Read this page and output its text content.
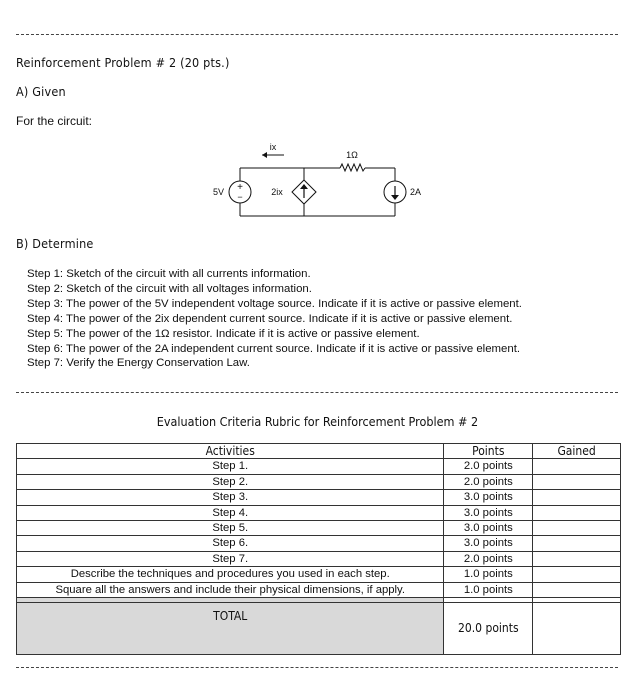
Reinforcement Problem # 2 (20 pts.)
A) Given
For the circuit:
+
−
ix
1Ω
5V	2ix	2A
B) Determine
Step 1: Sketch of the circuit with all currents information.
Step 2: Sketch of the circuit with all voltages information.
Step 3: The power of the 5V independent voltage source. Indicate if it is active or passive element.
Step 4: The power of the 2ix dependent current source. Indicate if it is active or passive element.
Step 5: The power of the 1Ω resistor. Indicate if it is active or passive element.
Step 6: The power of the 2A independent current source. Indicate if it is active or passive element.
Step 7: Verify the Energy Conservation Law.
Evaluation Criteria Rubric for Reinforcement Problem # 2
Activities	Points	Gained
Step 1.	2.0 points	
Step 2.	2.0 points	
Step 3.	3.0 points	
Step 4.	3.0 points	
Step 5.	3.0 points	
Step 6.	3.0 points	
Step 7.	2.0 points	
Describe the techniques and procedures you used in each step.	1.0 points	
Square all the answers and include their physical dimensions, if apply.	1.0 points	

TOTAL	20.0 points	
